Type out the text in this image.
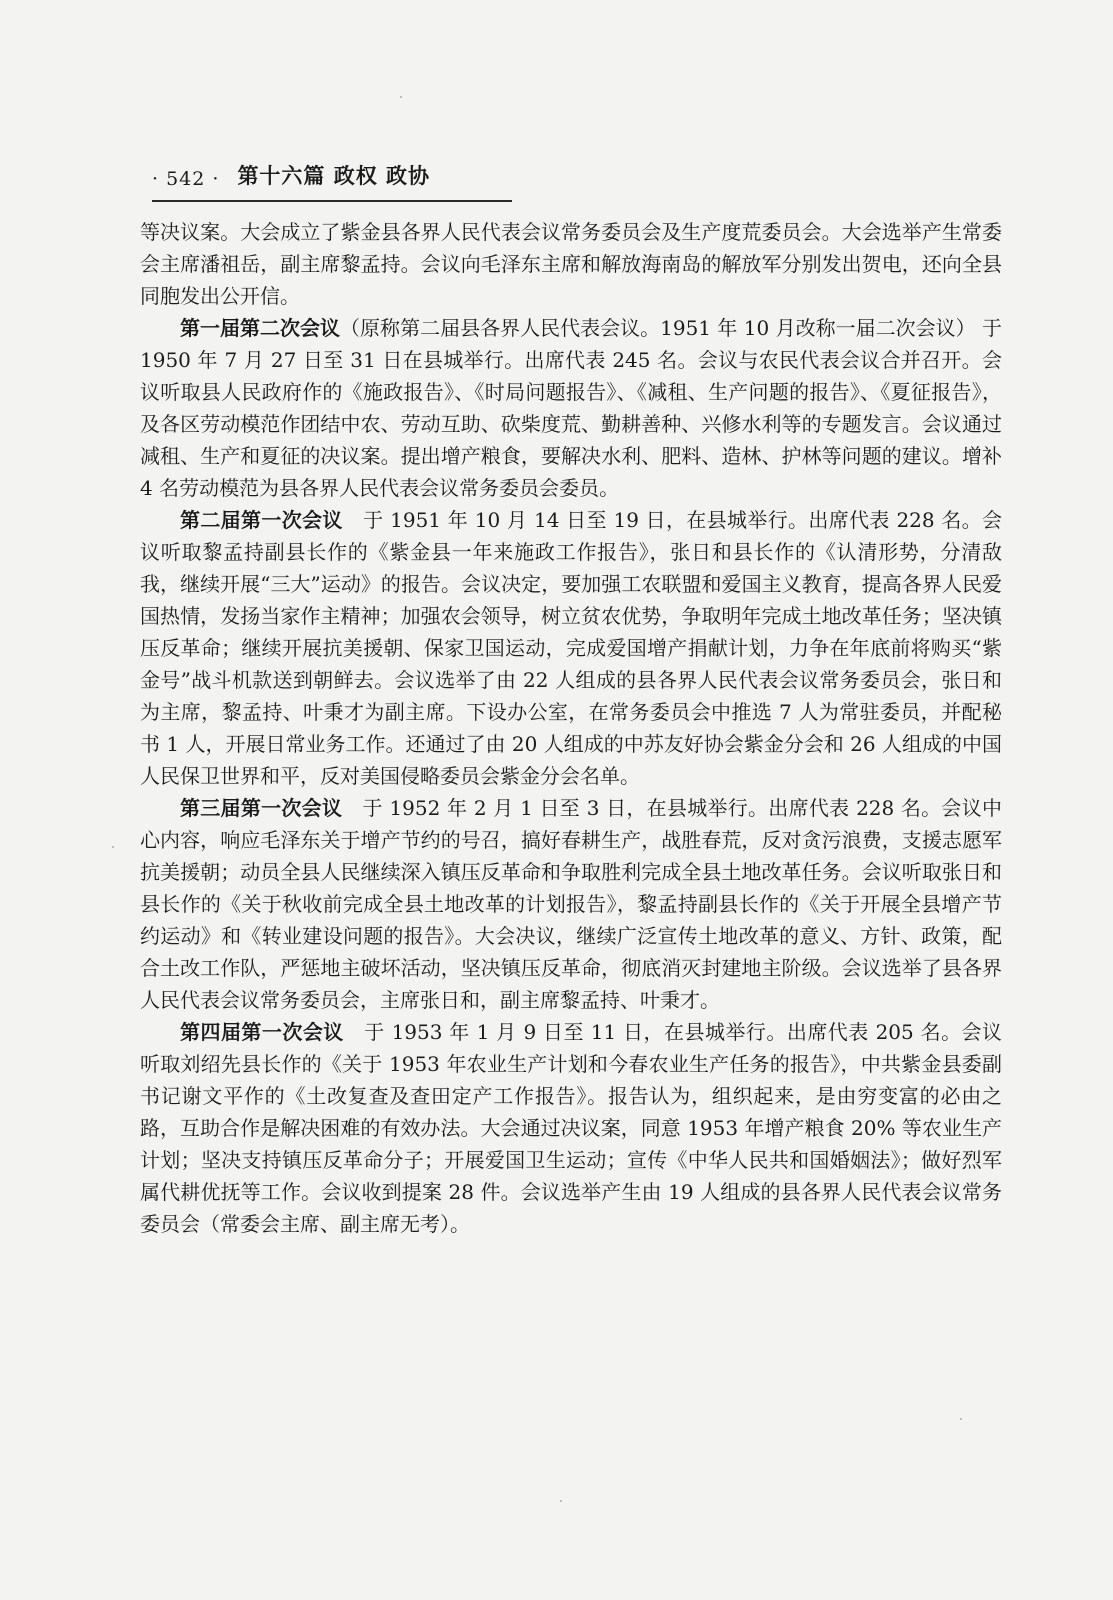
· 542 · 第十六篇 政权 政协

等决议案。大会成立了紫金县各界人民代表会议常务委员会及生产度荒委员会。大会选举产生常委会主席潘祖岳，副主席黎孟持。会议向毛泽东主席和解放海南岛的解放军分别发出贺电，还向全县同胞发出公开信。

第一届第二次会议（原称第二届县各界人民代表会议。1951 年 10 月改称一届二次会议） 于 1950 年 7 月 27 日至 31 日在县城举行。出席代表 245 名。会议与农民代表会议合并召开。会议听取县人民政府作的《施政报告》、《时局问题报告》、《减租、生产问题的报告》、《夏征报告》，及各区劳动模范作团结中农、劳动互助、砍柴度荒、勤耕善种、兴修水利等的专题发言。会议通过减租、生产和夏征的决议案。提出增产粮食，要解决水利、肥料、造林、护林等问题的建议。增补 4 名劳动模范为县各界人民代表会议常务委员会委员。

第二届第一次会议 于 1951 年 10 月 14 日至 19 日，在县城举行。出席代表 228 名。会议听取黎孟持副县长作的《紫金县一年来施政工作报告》，张日和县长作的《认清形势，分清敌我，继续开展“三大”运动》的报告。会议决定，要加强工农联盟和爱国主义教育，提高各界人民爱国热情，发扬当家作主精神；加强农会领导，树立贫农优势，争取明年完成土地改革任务；坚决镇压反革命；继续开展抗美援朝、保家卫国运动，完成爱国增产捐献计划，力争在年底前将购买“紫金号”战斗机款送到朝鲜去。会议选举了由 22 人组成的县各界人民代表会议常务委员会，张日和为主席，黎孟持、叶秉才为副主席。下设办公室，在常务委员会中推选 7 人为常驻委员，并配秘书 1 人，开展日常业务工作。还通过了由 20 人组成的中苏友好协会紫金分会和 26 人组成的中国人民保卫世界和平，反对美国侵略委员会紫金分会名单。

第三届第一次会议 于 1952 年 2 月 1 日至 3 日，在县城举行。出席代表 228 名。会议中心内容，响应毛泽东关于增产节约的号召，搞好春耕生产，战胜春荒，反对贪污浪费，支援志愿军抗美援朝；动员全县人民继续深入镇压反革命和争取胜利完成全县土地改革任务。会议听取张日和县长作的《关于秋收前完成全县土地改革的计划报告》，黎孟持副县长作的《关于开展全县增产节约运动》和《转业建设问题的报告》。大会决议，继续广泛宣传土地改革的意义、方针、政策，配合土改工作队，严惩地主破坏活动，坚决镇压反革命，彻底消灭封建地主阶级。会议选举了县各界人民代表会议常务委员会，主席张日和，副主席黎孟持、叶秉才。

第四届第一次会议 于 1953 年 1 月 9 日至 11 日，在县城举行。出席代表 205 名。会议听取刘绍先县长作的《关于 1953 年农业生产计划和今春农业生产任务的报告》，中共紫金县委副书记谢文平作的《土改复查及查田定产工作报告》。报告认为，组织起来，是由穷变富的必由之路，互助合作是解决困难的有效办法。大会通过决议案，同意 1953 年增产粮食 20% 等农业生产计划；坚决支持镇压反革命分子；开展爱国卫生运动；宣传《中华人民共和国婚姻法》；做好烈军属代耕优抚等工作。会议收到提案 28 件。会议选举产生由 19 人组成的县各界人民代表会议常务委员会（常委会主席、副主席无考）。
